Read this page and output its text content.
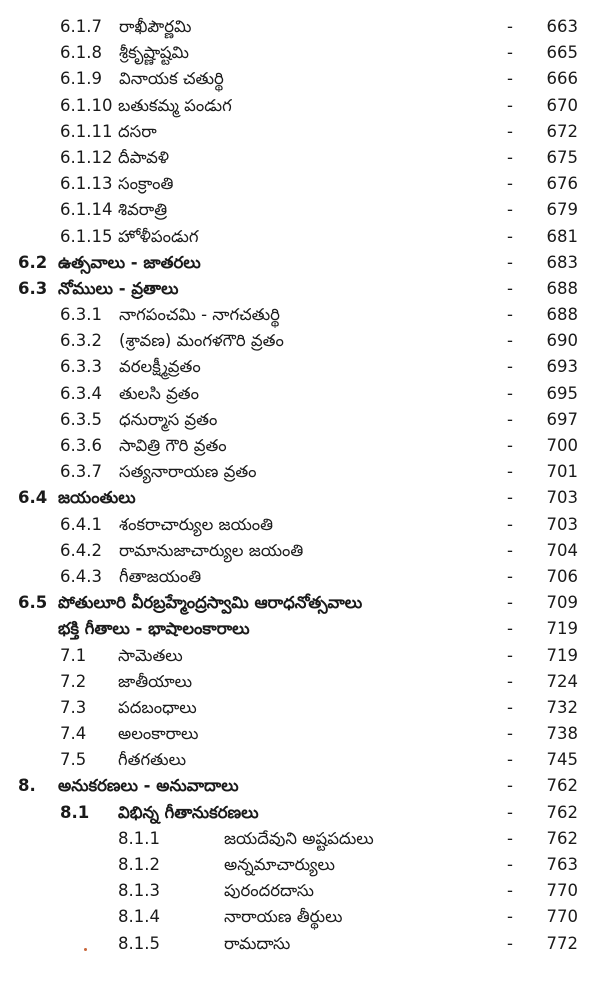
6.1.7 రాఖీపౌర్ణమి	- 663
6.1.8 శ్రీకృష్ణాష్టమి	- 665
6.1.9 వినాయక చతుర్థి	- 666
6.1.10 బతుకమ్మ పండుగ	- 670
6.1.11 దసరా	- 672
6.1.12 దీపావళి	- 675
6.1.13 సంక్రాంతి	- 676
6.1.14 శివరాత్రి	- 679
6.1.15 హోళీపండుగ	- 681
6.2 ఉత్సవాలు - జాతరలు	- 683
6.3 నోములు - వ్రతాలు	- 688
6.3.1 నాగపంచమి - నాగచతుర్థి	- 688
6.3.2 (శ్రావణ) మంగళగౌరి వ్రతం	- 690
6.3.3 వరలక్ష్మీవ్రతం	- 693
6.3.4 తులసి వ్రతం	- 695
6.3.5 ధనుర్మాస వ్రతం	- 697
6.3.6 సావిత్రి గౌరి వ్రతం	- 700
6.3.7 సత్యనారాయణ వ్రతం	- 701
6.4 జయంతులు	- 703
6.4.1 శంకరాచార్యుల జయంతి	- 703
6.4.2 రామానుజాచార్యుల జయంతి	- 704
6.4.3 గీతాజయంతి	- 706
6.5 పోతులూరి వీరబ్రహ్మేంద్రస్వామి ఆరాధనోత్సవాలు	- 709
భక్తి గీతాలు - భాషాలంకారాలు	- 719
7.1 సామెతలు	- 719
7.2 జాతీయాలు	- 724
7.3 పదబంధాలు	- 732
7.4 అలంకారాలు	- 738
7.5 గీతగతులు	- 745
8. అనుకరణలు - అనువాదాలు	- 762
8.1 విభిన్న గీతానుకరణలు	- 762
8.1.1	జయదేవుని అష్టపదులు	- 762
8.1.2	అన్నమాచార్యులు	- 763
8.1.3	పురందరదాసు	- 770
8.1.4	నారాయణ తీర్థులు	- 770
8.1.5	రామదాసు	- 772
